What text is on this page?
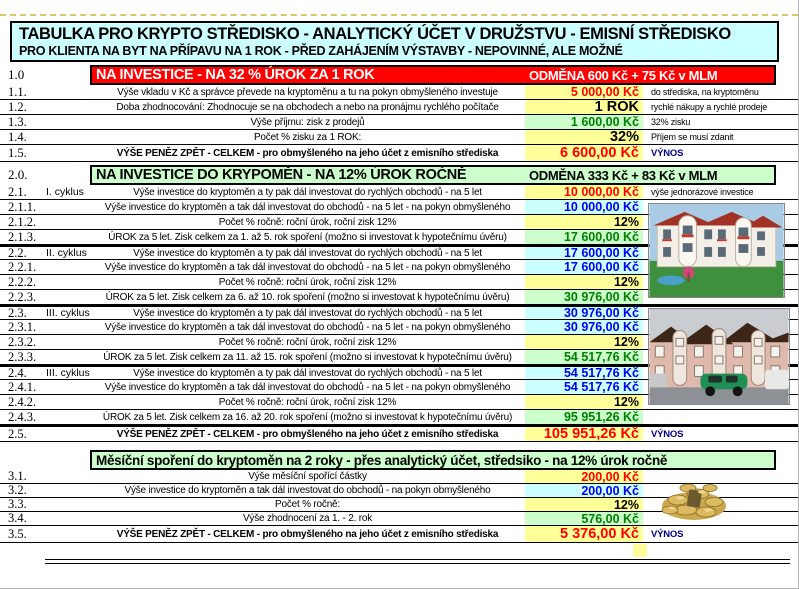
TABULKA PRO KRYPTO STŘEDISKO - ANALYTICKÝ ÚČET V DRUŽSTVU - EMISNÍ STŘEDISKO
PRO KLIENTA NA BYT NA PŘÍPAVU NA 1 ROK - PŘED ZAHÁJENÍM VÝSTAVBY - NEPOVINNÉ, ALE MOŽNÉ
1.0	NA INVESTICE - NA 32 % ÚROK ZA 1 ROK	ODMĚNA 600 Kč + 75 Kč v MLM
1.1.	Výše vkladu v Kč a správce převede na kryptoměnu a tu na pokyn obmyšleného investuje	5 000,00 Kč	do střediska, na kryptoměnu
1.2.	Doba zhodnocování: Zhodnocuje se na obchodech a nebo na pronájmu rychlého počítače	1 ROK	rychlé nákupy a rychlé prodeje
1.3.	Výše příjmu: zisk z prodejů	1 600,00 Kč	32% zisku
1.4.	Počet % zisku za 1 ROK:	32%	Příjem se musí zdanit
1.5.	VÝŠE PENĚZ ZPĚT - CELKEM - pro obmyšleného na jeho účet z emisního střediska	6 600,00 Kč	VÝNOS
2.0.	NA INVESTICE DO KRYPOMĚN - NA 12% ÚROK ROČNĚ	ODMĚNA 333 Kč + 83 Kč v MLM
2.1.	I. cyklus	Výše investice do kryptoměn a ty pak dál investovat do rychlých obchodů - na 5 let	10 000,00 Kč	výše jednorázové investice
2.1.1.	Výše investice do kryptoměn a tak dál investovat do obchodů - na 5 let - na pokyn obmyšleného	10 000,00 Kč
2.1.2.	Počet % ročně: roční úrok, roční zisk 12%	12%
2.1.3.	ÚROK za 5 let. Zisk celkem za 1. až 5. rok spoření (možno si investovat k hypotečnímu úvěru)	17 600,00 Kč
2.2.	II. cyklus	Výše investice do kryptoměn a ty pak dál investovat do rychlých obchodů - na 5 let	17 600,00 Kč
2.2.1.	Výše investice do kryptoměn a tak dál investovat do obchodů - na 5 let - na pokyn obmyšleného	17 600,00 Kč
2.2.2.	Počet % ročně: roční úrok, roční zisk 12%	12%
2.2.3.	ÚROK za 5 let. Zisk celkem za 6. až 10. rok spoření (možno si investovat k hypotečnímu úvěru)	30 976,00 Kč
2.3.	III. cyklus	Výše investice do kryptoměn a ty pak dál investovat do rychlých obchodů - na 5 let	30 976,00 Kč
2.3.1.	Výše investice do kryptoměn a tak dál investovat do obchodů - na 5 let - na pokyn obmyšleného	30 976,00 Kč
2.3.2.	Počet % ročně: roční úrok, roční zisk 12%	12%
2.3.3.	ÚROK za 5 let. Zisk celkem za 11. až 15. rok spoření (možno si investovat k hypotečnímu úvěru)	54 517,76 Kč
2.4.	III. cyklus	Výše investice do kryptoměn a ty pak dál investovat do rychlých obchodů - na 5 let	54 517,76 Kč
2.4.1.	Výše investice do kryptoměn a tak dál investovat do obchodů - na 5 let - na pokyn obmyšleného	54 517,76 Kč
2.4.2.	Počet % ročně: roční úrok, roční zisk 12%	12%
2.4.3.	ÚROK za 5 let. Zisk celkem za 16. až 20. rok spoření (možno si investovat k hypotečnímu úvěru)	95 951,26 Kč
2.5.	VÝŠE PENĚZ ZPĚT - CELKEM - pro obmyšleného na jeho účet z emisního střediska	105 951,26 Kč	VÝNOS
Měsíční spoření do kryptoměn na 2 roky - přes analytický účet, středsiko - na 12% úrok ročně
3.1.	Výše měsíční spořící částky	200,00 Kč
3.2.	Výše investice do kryptoměn a tak dál investovat do obchodů - na pokyn obmyšleného	200,00 Kč
3.3.	Počet % ročně:	12%
3.4.	Výše zhodnocení za 1. - 2. rok	576,00 Kč
3.5.	VÝŠE PENĚZ ZPĚT - CELKEM - pro obmyšleného na jeho účet z emisního střediska	5 376,00 Kč	VÝNOS
